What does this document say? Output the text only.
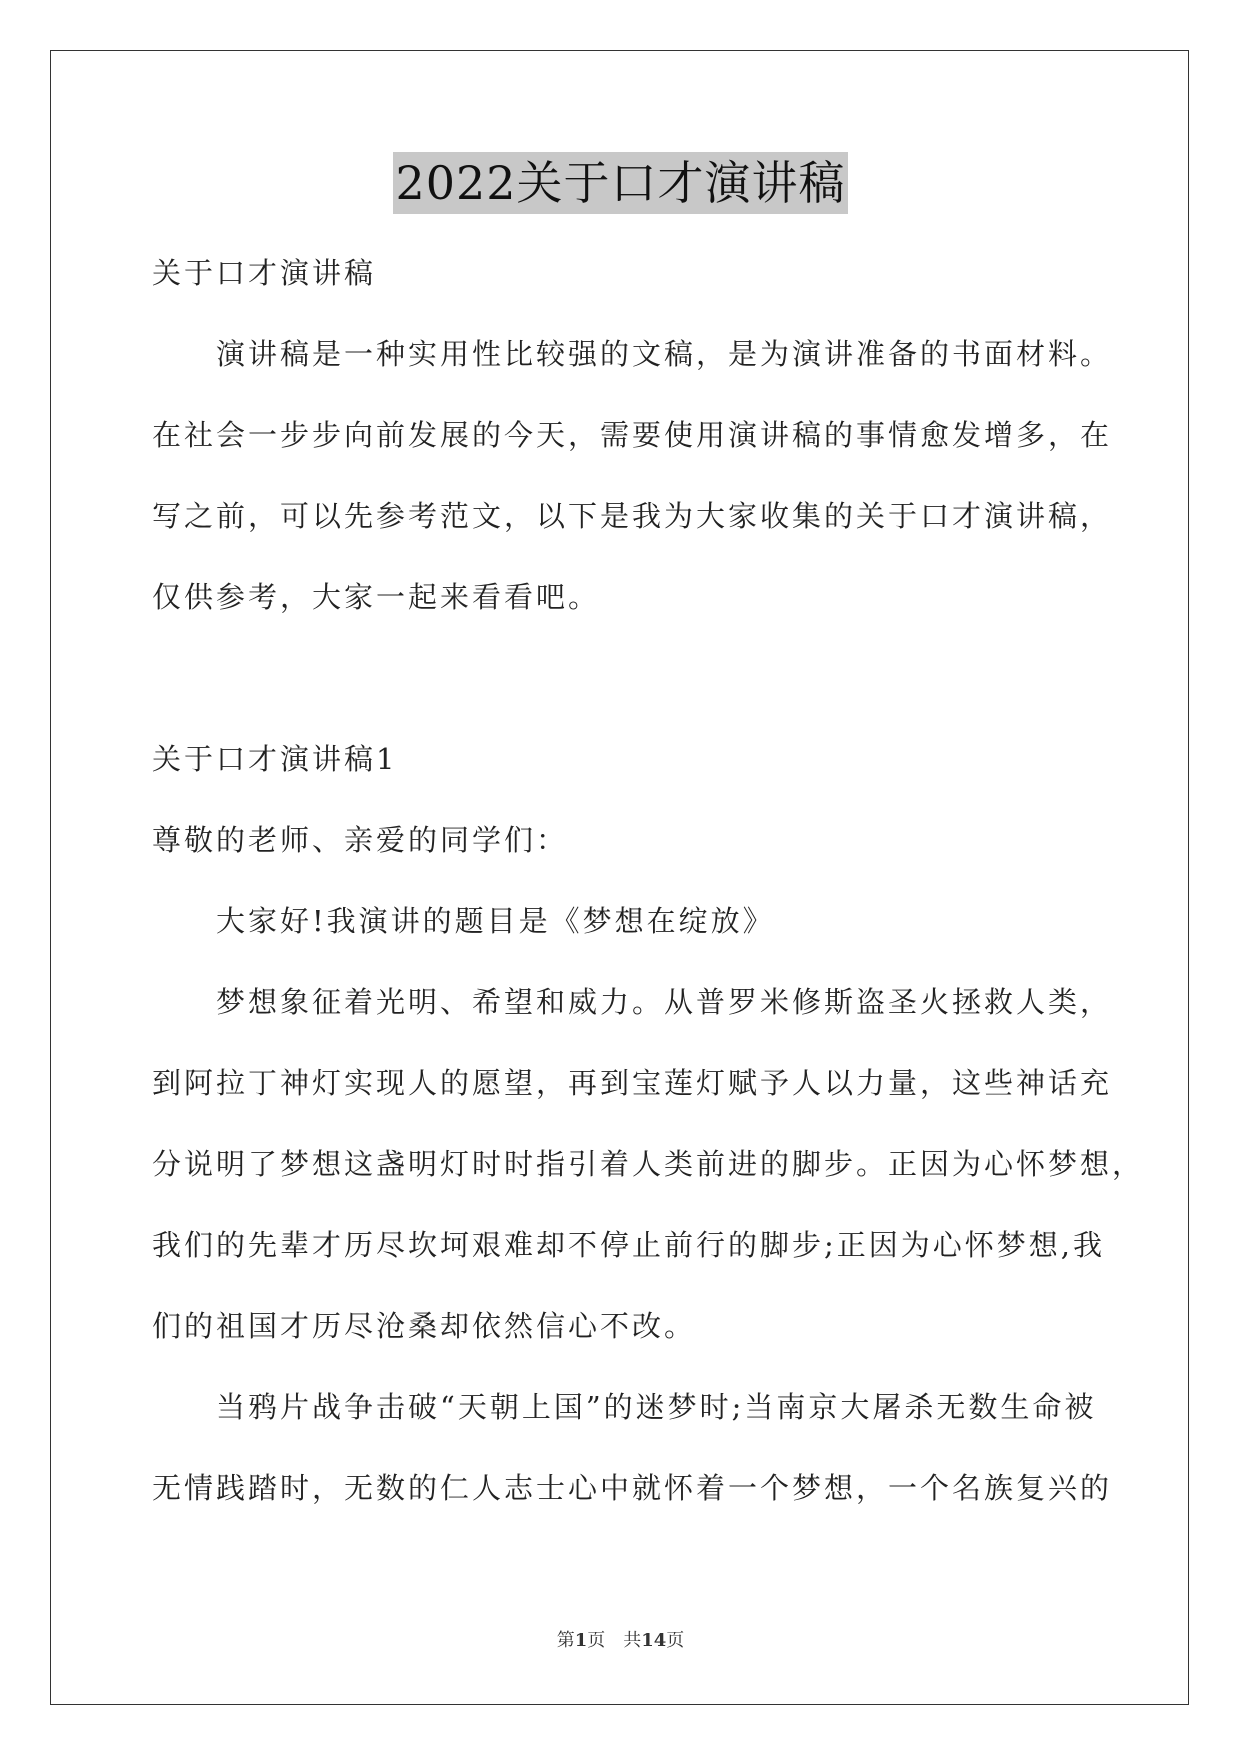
2022关于口才演讲稿
关于口才演讲稿
演讲稿是一种实用性比较强的文稿，是为演讲准备的书面材料。
在社会一步步向前发展的今天，需要使用演讲稿的事情愈发增多，在
写之前，可以先参考范文，以下是我为大家收集的关于口才演讲稿，
仅供参考，大家一起来看看吧。
关于口才演讲稿1
尊敬的老师、亲爱的同学们：
大家好!我演讲的题目是《梦想在绽放》
梦想象征着光明、希望和威力。从普罗米修斯盗圣火拯救人类，
到阿拉丁神灯实现人的愿望，再到宝莲灯赋予人以力量，这些神话充
分说明了梦想这盏明灯时时指引着人类前进的脚步。正因为心怀梦想，
我们的先辈才历尽坎坷艰难却不停止前行的脚步;正因为心怀梦想,我
们的祖国才历尽沧桑却依然信心不改。
当鸦片战争击破“天朝上国”的迷梦时;当南京大屠杀无数生命被
无情践踏时，无数的仁人志士心中就怀着一个梦想，一个名族复兴的
第1页 共14页
